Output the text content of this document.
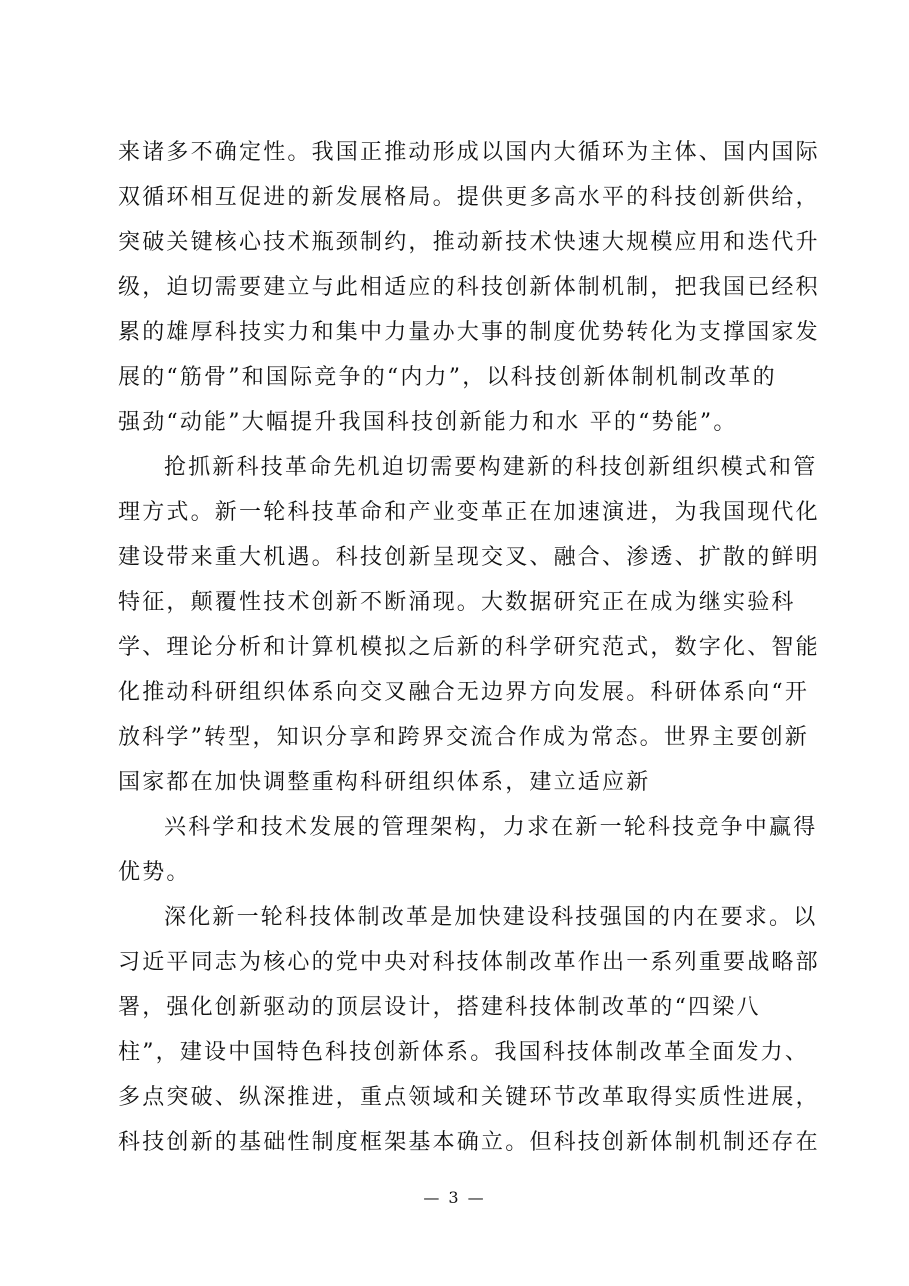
来诸多不确定性。我国正推动形成以国内大循环为主体、国内国际
双循环相互促进的新发展格局。提供更多高水平的科技创新供给，
突破关键核心技术瓶颈制约，推动新技术快速大规模应用和迭代升
级，迫切需要建立与此相适应的科技创新体制机制，把我国已经积
累的雄厚科技实力和集中力量办大事的制度优势转化为支撑国家发
展的“筋骨”和国际竞争的“内力”，以科技创新体制机制改革的
强劲“动能”大幅提升我国科技创新能力和水 平的“势能”。
抢抓新科技革命先机迫切需要构建新的科技创新组织模式和管
理方式。新一轮科技革命和产业变革正在加速演进，为我国现代化
建设带来重大机遇。科技创新呈现交叉、融合、渗透、扩散的鲜明
特征，颠覆性技术创新不断涌现。大数据研究正在成为继实验科
学、理论分析和计算机模拟之后新的科学研究范式，数字化、智能
化推动科研组织体系向交叉融合无边界方向发展。科研体系向“开
放科学”转型，知识分享和跨界交流合作成为常态。世界主要创新
国家都在加快调整重构科研组织体系，建立适应新
兴科学和技术发展的管理架构，力求在新一轮科技竞争中赢得
优势。
深化新一轮科技体制改革是加快建设科技强国的内在要求。以
习近平同志为核心的党中央对科技体制改革作出一系列重要战略部
署，强化创新驱动的顶层设计，搭建科技体制改革的“四梁八
柱”，建设中国特色科技创新体系。我国科技体制改革全面发力、
多点突破、纵深推进，重点领域和关键环节改革取得实质性进展，
科技创新的基础性制度框架基本确立。但科技创新体制机制还存在
— 3 —
